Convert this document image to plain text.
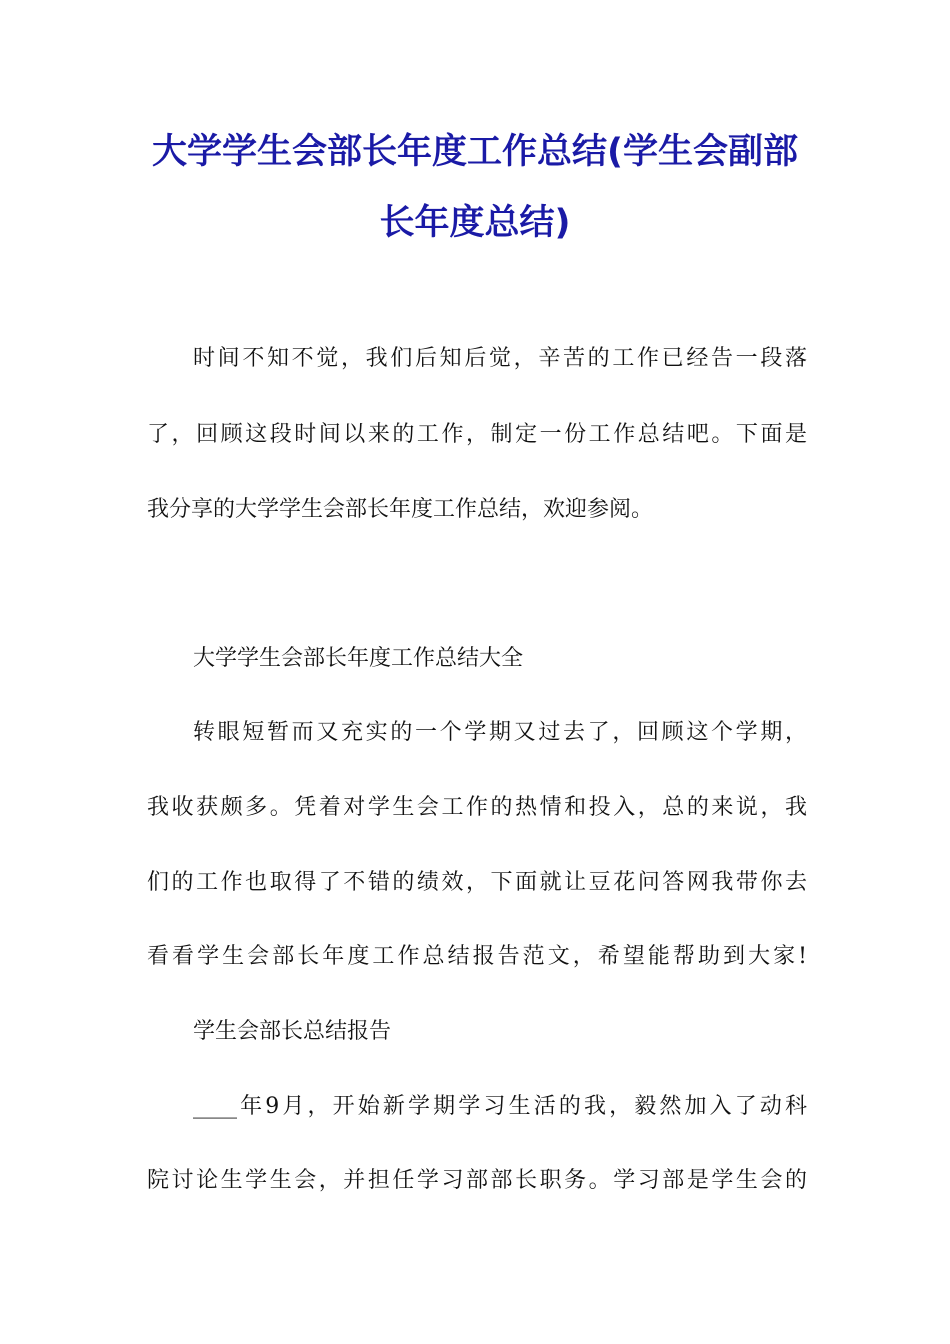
大学学生会部长年度工作总结(学生会副部
长年度总结)
时间不知不觉，我们后知后觉，辛苦的工作已经告一段落
了，回顾这段时间以来的工作，制定一份工作总结吧。下面是
我分享的大学学生会部长年度工作总结，欢迎参阅。
大学学生会部长年度工作总结大全
转眼短暂而又充实的一个学期又过去了，回顾这个学期，
我收获颇多。凭着对学生会工作的热情和投入，总的来说，我
们的工作也取得了不错的绩效，下面就让豆花问答网我带你去
看看学生会部长年度工作总结报告范文，希望能帮助到大家!
学生会部长总结报告
____年9月，开始新学期学习生活的我，毅然加入了动科
院讨论生学生会，并担任学习部部长职务。学习部是学生会的
